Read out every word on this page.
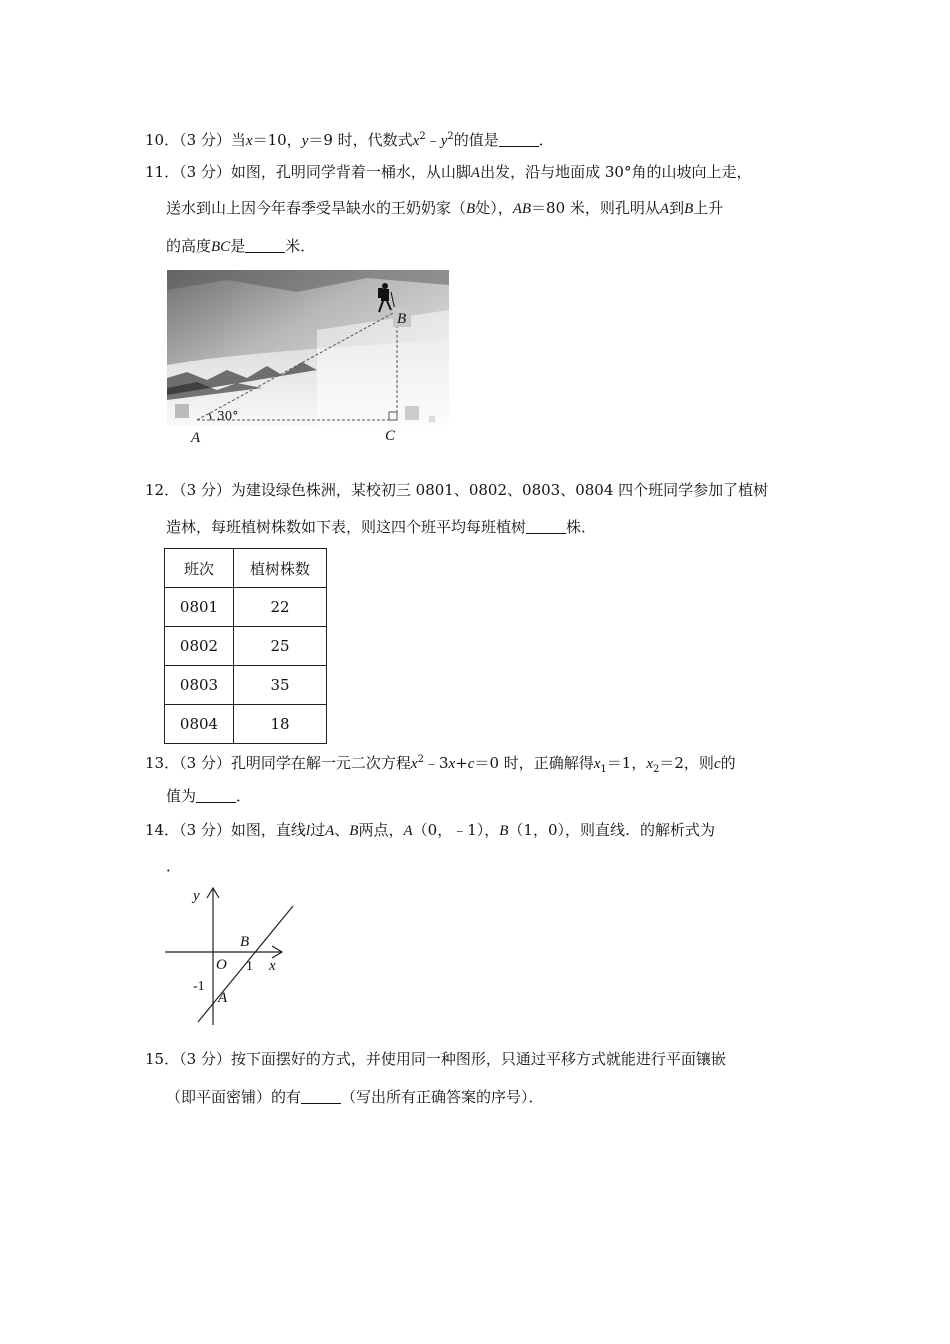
10．（3 分）当x＝10，y＝9 时，代数式$x^2﹣y^2$的值是	．
11．（3 分）如图，孔明同学背着一桶水，从山脚A出发，沿与地面成 30°角的山坡向上走，
送水到山上因今年春季受旱缺水的王奶奶家（B处），AB＝80 米，则孔明从A到B上升
的高度BC是	米．
B
30°
A	C
12．（3 分）为建设绿色株洲，某校初三 0801、0802、0803、0804 四个班同学参加了植树
造林，每班植树株数如下表，则这四个班平均每班植树	株．
班次	植树株数
0801	22
0802	25
0803	35
0804	18
13．（3 分）孔明同学在解一元二次方程$x^2﹣3x+c=0$ 时，正确解得$x_1=1$，$x_2=2$，则c的
值为	．
14．（3 分）如图，直线l过A、B两点，A（0，﹣1），B（1，0），则直线．的解析式为
．
y
x
O 1
-1
B
A
15．（3 分）按下面摆好的方式，并使用同一种图形，只通过平移方式就能进行平面镶嵌
（即平面密铺）的有	（写出所有正确答案的序号）．
